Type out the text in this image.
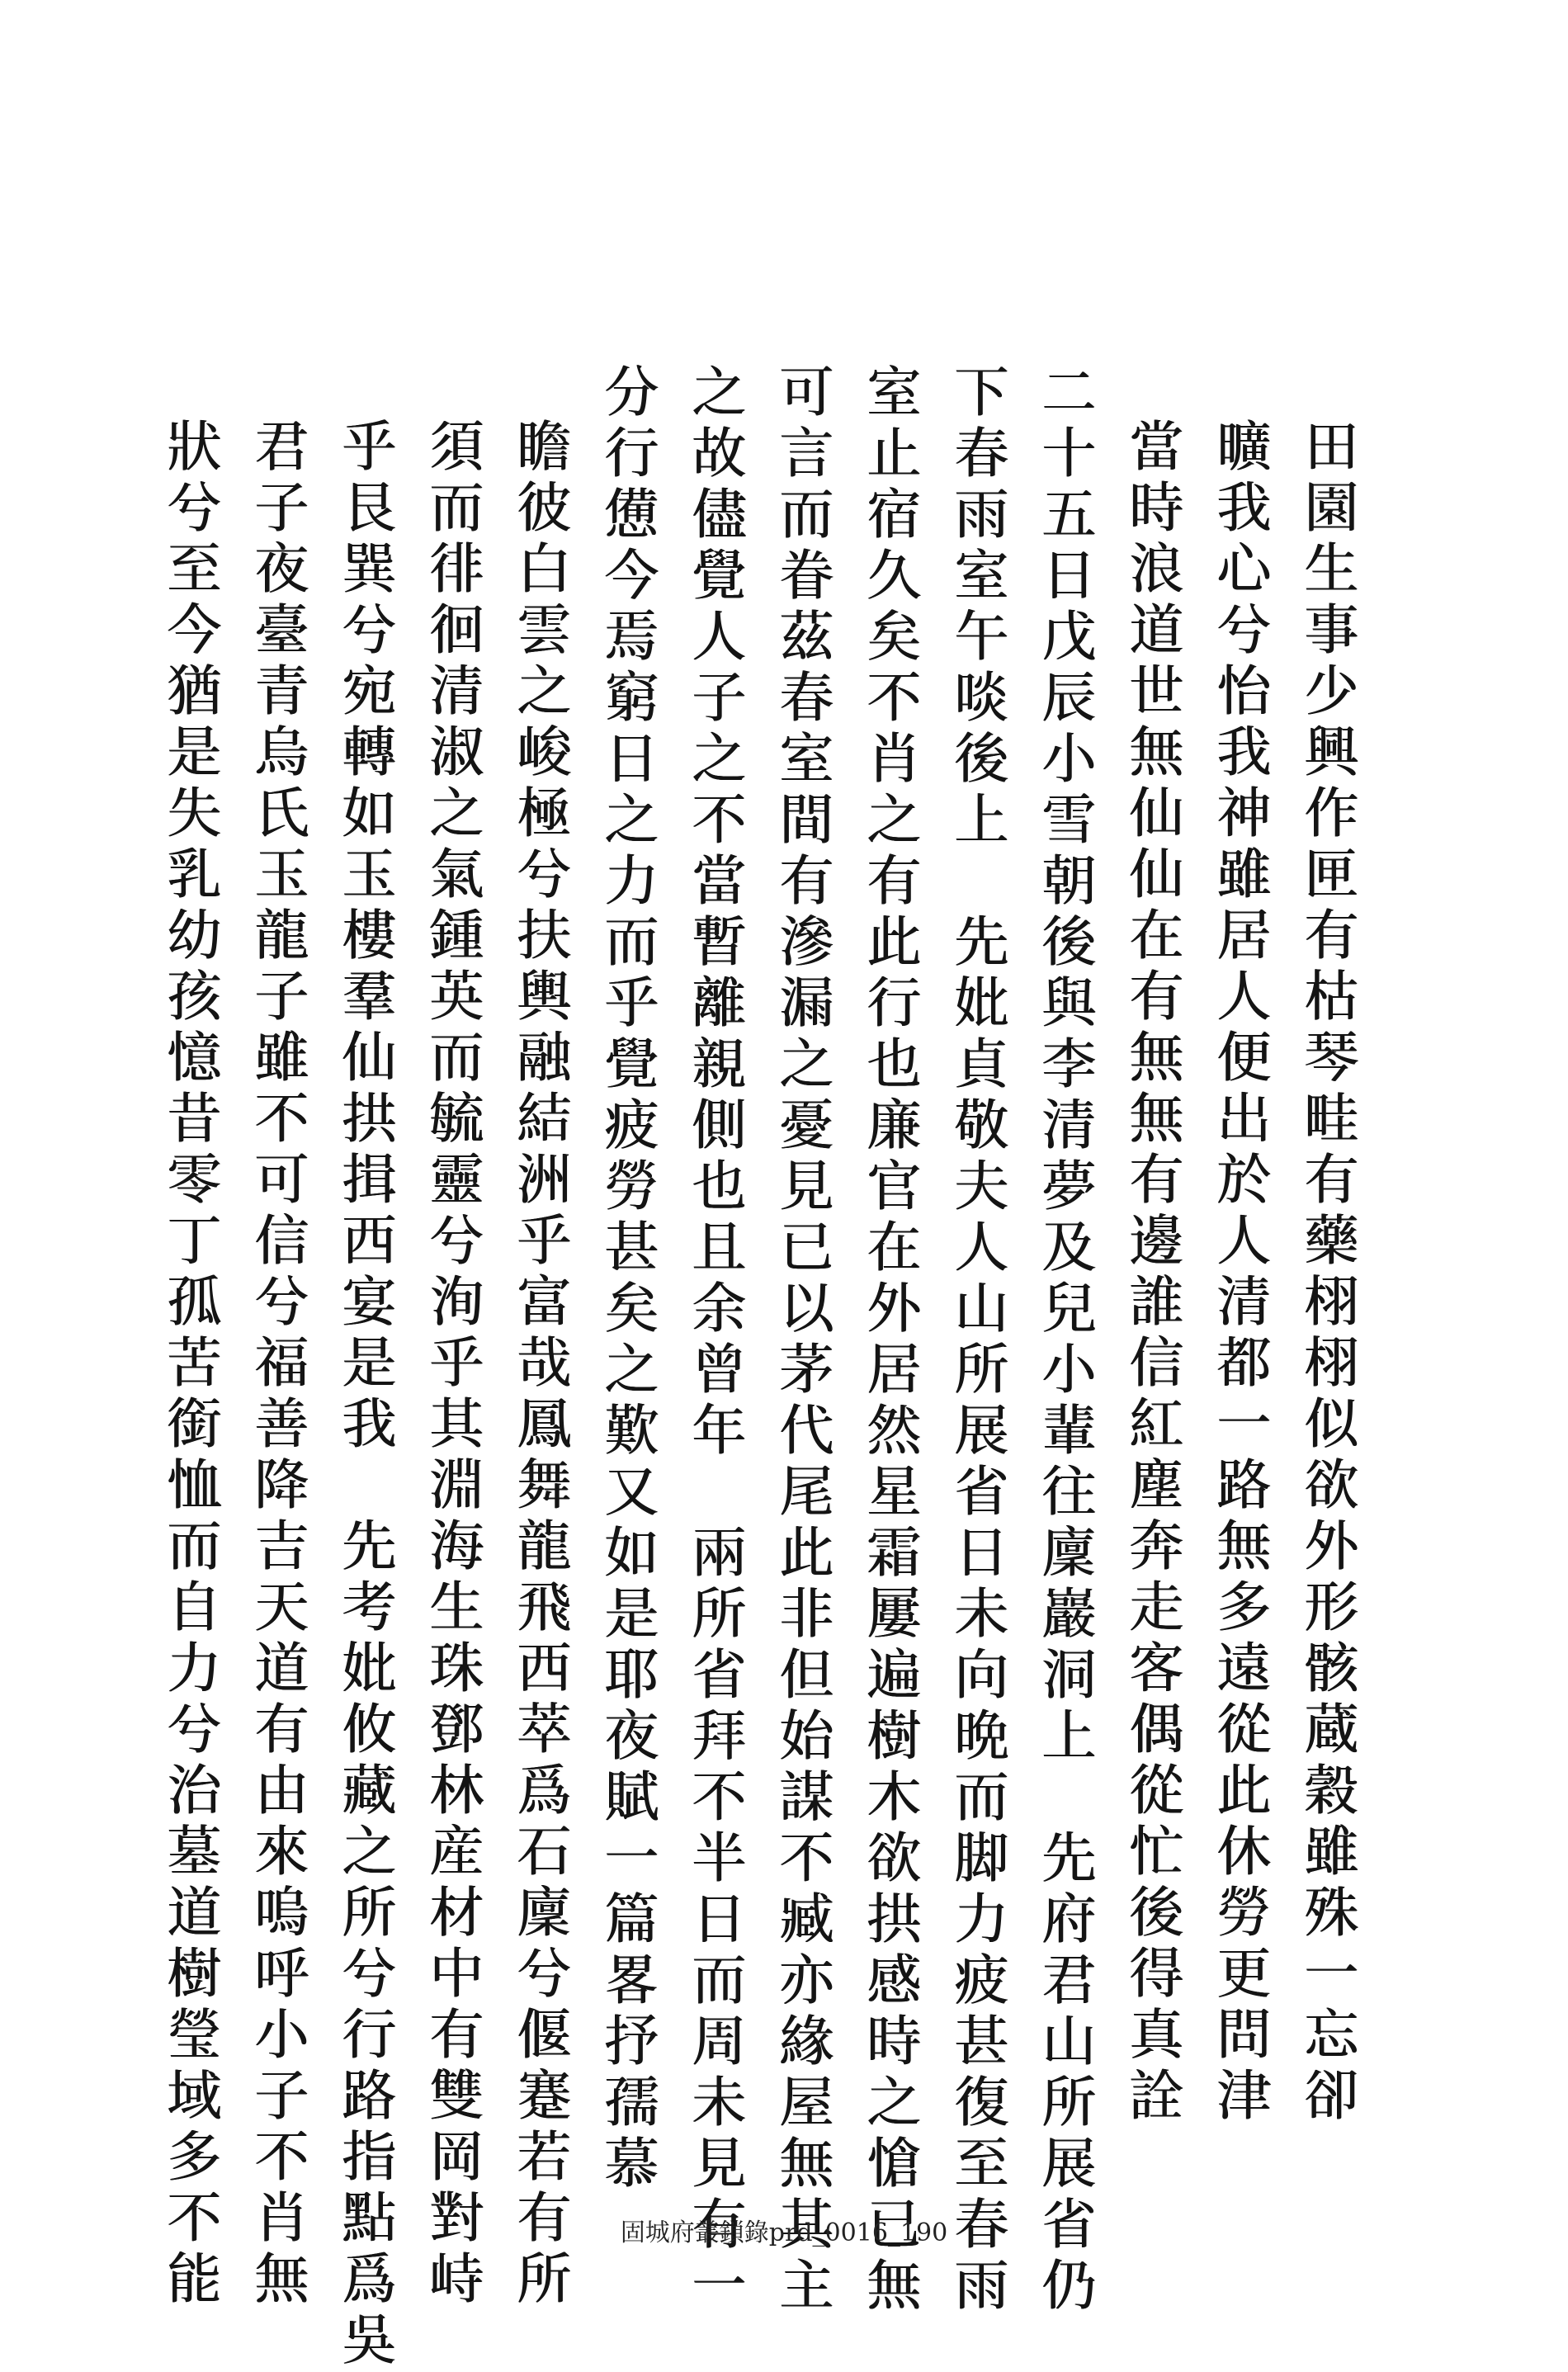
田園生事少興作匣有枯琴畦有藥栩栩似欲外形骸蔵穀雖殊一忘卻
曠我心兮怡我神雖居人便出於人清都一路無多遠從此休勞更問津
當時浪道世無仙仙在有無無有邊誰信紅塵奔走客偶從忙後得真詮
二十五日戊辰小雪朝後與李清夢及兒小輩往廩巖洞上　先府君山所展省仍
下春雨室午啖後上　先妣貞敬夫人山所展省日未向晩而脚力疲甚復至春雨
室止宿久矣不肖之有此行也廉官在外居然星霜屢遍樹木欲拱感時之愴已無
可言而眷茲春室間有滲漏之憂見已以茅代尾此非但始謀不臧亦緣屋無其主
之故儘覺人子之不當暫離親側也且余曾年　兩所省拜不半日而周未見有一
分行憊今焉窮日之力而乎覺疲勞甚矣之歎又如是耶夜賦一篇畧抒孺慕
瞻彼白雲之峻極兮扶輿融結洲乎富哉鳳舞龍飛西萃爲石廩兮偃蹇若有所
須而徘徊清淑之氣鍾英而毓靈兮洵乎其淵海生珠鄧林産材中有雙岡對峙
乎艮巽兮宛轉如玉樓羣仙拱揖西宴是我　先考妣攸藏之所兮行路指點爲吳
君子夜臺青烏氏玉龍子雖不可信兮福善降吉天道有由來嗚呼小子不肖無
狀兮至今猶是失乳幼孩憶昔零丁孤苦銜恤而自力兮治墓道樹瑩域多不能	固城府叢鎖錄prd_0016_190
